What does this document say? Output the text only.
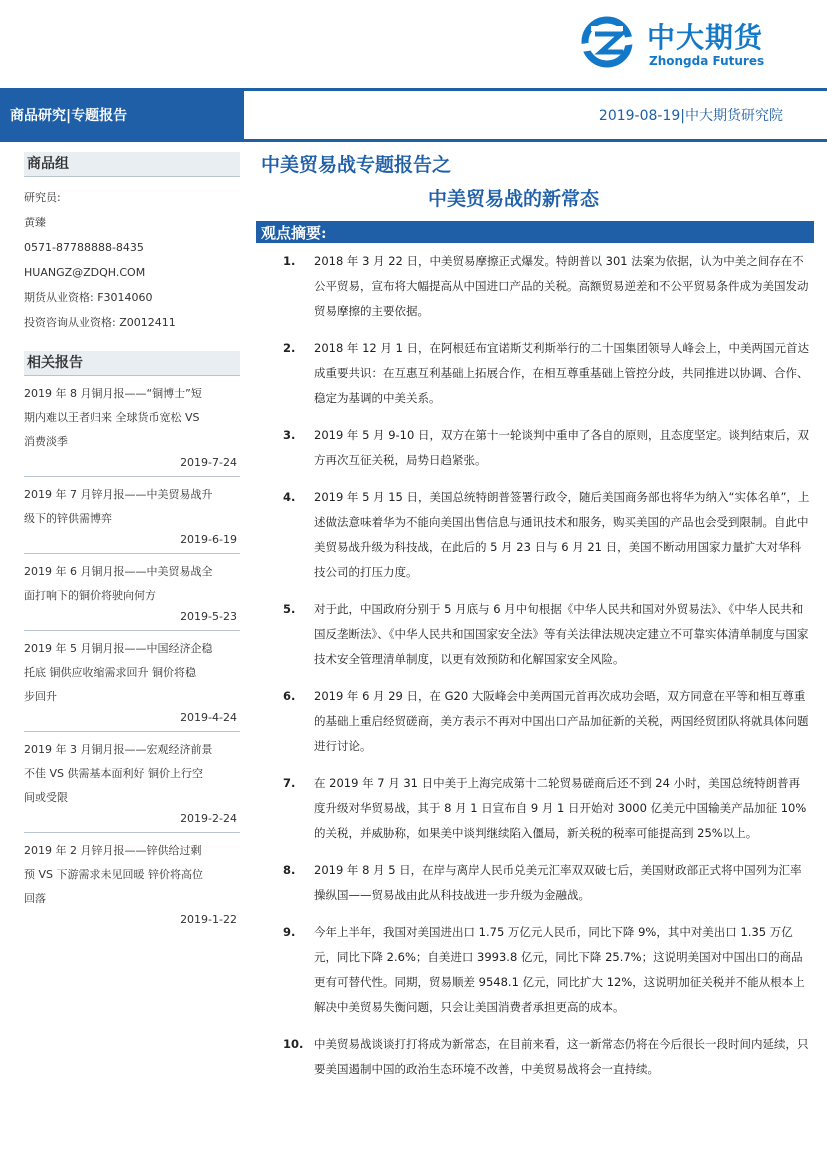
中大期货
Zhongda Futures
商品研究|专题报告	2019-08-19|中大期货研究院
商品组
研究员:
黄臻
0571-87788888-8435
HUANGZ@ZDQH.COM
期货从业资格: F3014060
投资咨询从业资格: Z0012411
相关报告
2019 年 8 月铜月报——“铜博士”短
期内难以王者归来 全球货币宽松 VS
消费淡季
2019-7-24
2019 年 7 月锌月报——中美贸易战升
级下的锌供需博弈
2019-6-19
2019 年 6 月铜月报——中美贸易战全
面打响下的铜价将驶向何方
2019-5-23
2019 年 5 月铜月报——中国经济企稳
托底 铜供应收缩需求回升 铜价将稳
步回升
2019-4-24
2019 年 3 月铜月报——宏观经济前景
不佳 VS 供需基本面利好 铜价上行空
间或受限
2019-2-24
2019 年 2 月锌月报——锌供给过剩
预 VS 下游需求未见回暖 锌价将高位
回落
2019-1-22
中美贸易战专题报告之
中美贸易战的新常态
观点摘要:
1. 2018 年 3 月 22 日，中美贸易摩擦正式爆发。特朗普以 301 法案为依据，认为中美之间存在不公平贸易，宣布将大幅提高从中国进口产品的关税。高额贸易逆差和不公平贸易条件成为美国发动贸易摩擦的主要依据。
2. 2018 年 12 月 1 日，在阿根廷布宜诺斯艾利斯举行的二十国集团领导人峰会上，中美两国元首达成重要共识：在互惠互利基础上拓展合作，在相互尊重基础上管控分歧，共同推进以协调、合作、稳定为基调的中美关系。
3. 2019 年 5 月 9-10 日，双方在第十一轮谈判中重申了各自的原则，且态度坚定。谈判结束后，双方再次互征关税，局势日趋紧张。
4. 2019 年 5 月 15 日，美国总统特朗普签署行政令，随后美国商务部也将华为纳入“实体名单”，上述做法意味着华为不能向美国出售信息与通讯技术和服务，购买美国的产品也会受到限制。自此中美贸易战升级为科技战，在此后的 5 月 23 日与 6 月 21 日，美国不断动用国家力量扩大对华科技公司的打压力度。
5. 对于此，中国政府分别于 5 月底与 6 月中旬根据《中华人民共和国对外贸易法》、《中华人民共和国反垄断法》、《中华人民共和国国家安全法》等有关法律法规决定建立不可靠实体清单制度与国家技术安全管理清单制度，以更有效预防和化解国家安全风险。
6. 2019 年 6 月 29 日，在 G20 大阪峰会中美两国元首再次成功会晤，双方同意在平等和相互尊重的基础上重启经贸磋商，美方表示不再对中国出口产品加征新的关税，两国经贸团队将就具体问题进行讨论。
7. 在 2019 年 7 月 31 日中美于上海完成第十二轮贸易磋商后还不到 24 小时，美国总统特朗普再度升级对华贸易战，其于 8 月 1 日宣布自 9 月 1 日开始对 3000 亿美元中国输美产品加征 10%的关税，并威胁称，如果美中谈判继续陷入僵局，新关税的税率可能提高到 25%以上。
8. 2019 年 8 月 5 日，在岸与离岸人民币兑美元汇率双双破七后，美国财政部正式将中国列为汇率操纵国——贸易战由此从科技战进一步升级为金融战。
9. 今年上半年，我国对美国进出口 1.75 万亿元人民币，同比下降 9%，其中对美出口 1.35 万亿元，同比下降 2.6%；自美进口 3993.8 亿元，同比下降 25.7%；这说明美国对中国出口的商品更有可替代性。同期，贸易顺差 9548.1 亿元，同比扩大 12%，这说明加征关税并不能从根本上解决中美贸易失衡问题，只会让美国消费者承担更高的成本。
10. 中美贸易战谈谈打打将成为新常态，在目前来看，这一新常态仍将在今后很长一段时间内延续，只要美国遏制中国的政治生态环境不改善，中美贸易战将会一直持续。
